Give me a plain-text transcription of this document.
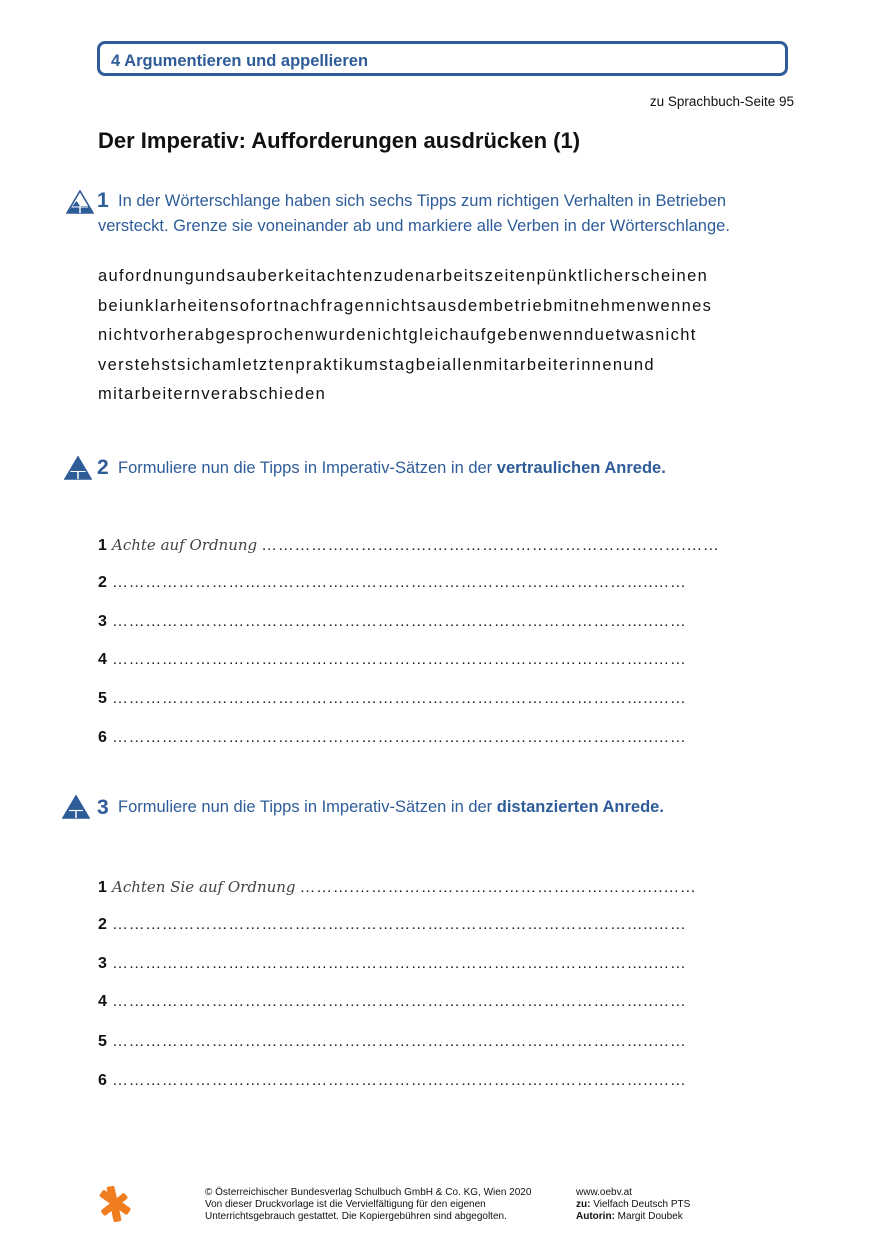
4 Argumentieren und appellieren
zu Sprachbuch-Seite 95
Der Imperativ: Aufforderungen ausdrücken (1)
1 In der Wörterschlange haben sich sechs Tipps zum richtigen Verhalten in Betrieben
versteckt. Grenze sie voneinander ab und markiere alle Verben in der Wörterschlange.
aufordnungundsauberkeitachtenzudenarbeitszeitenpünktlicherscheinen
beiunklarheitensofortnachfragennichtsausdembetriebmitnehmenwennes
nichtvorherabgesprochenwurdenichtgleichaufgebenwennduetwasnicht
verstehstsichamletztenpraktikumstagbeiallenmitarbeiterinnenund
mitarbeiternverabschieden
2 Formuliere nun die Tipps in Imperativ-Sätzen in der vertraulichen Anrede.
1 Achte auf Ordnung ………………………….……………………………………….……
2 ……………………………………………………………………………………..……
3 ……………………………………………………………………………………..……
4 ……………………………………………………………………………………..……
5 ……………………………………………………………………………………..……
6 ……………………………………………………………………………………..……
3 Formuliere nun die Tipps in Imperativ-Sätzen in der distanzierten Anrede.
1 Achten Sie auf Ordnung ……….………………………………………………..……
2 ……………………………………………………………………………………..……
3 ……………………………………………………………………………………..……
4 ……………………………………………………………………………………..……
5 ……………………………………………………………………………………..……
6 ……………………………………………………………………………………..……
© Österreichischer Bundesverlag Schulbuch GmbH & Co. KG, Wien 2020
Von dieser Druckvorlage ist die Vervielfältigung für den eigenen
Unterrichtsgebrauch gestattet. Die Kopiergebühren sind abgegolten.
www.oebv.at
zu: Vielfach Deutsch PTS
Autorin: Margit Doubek
